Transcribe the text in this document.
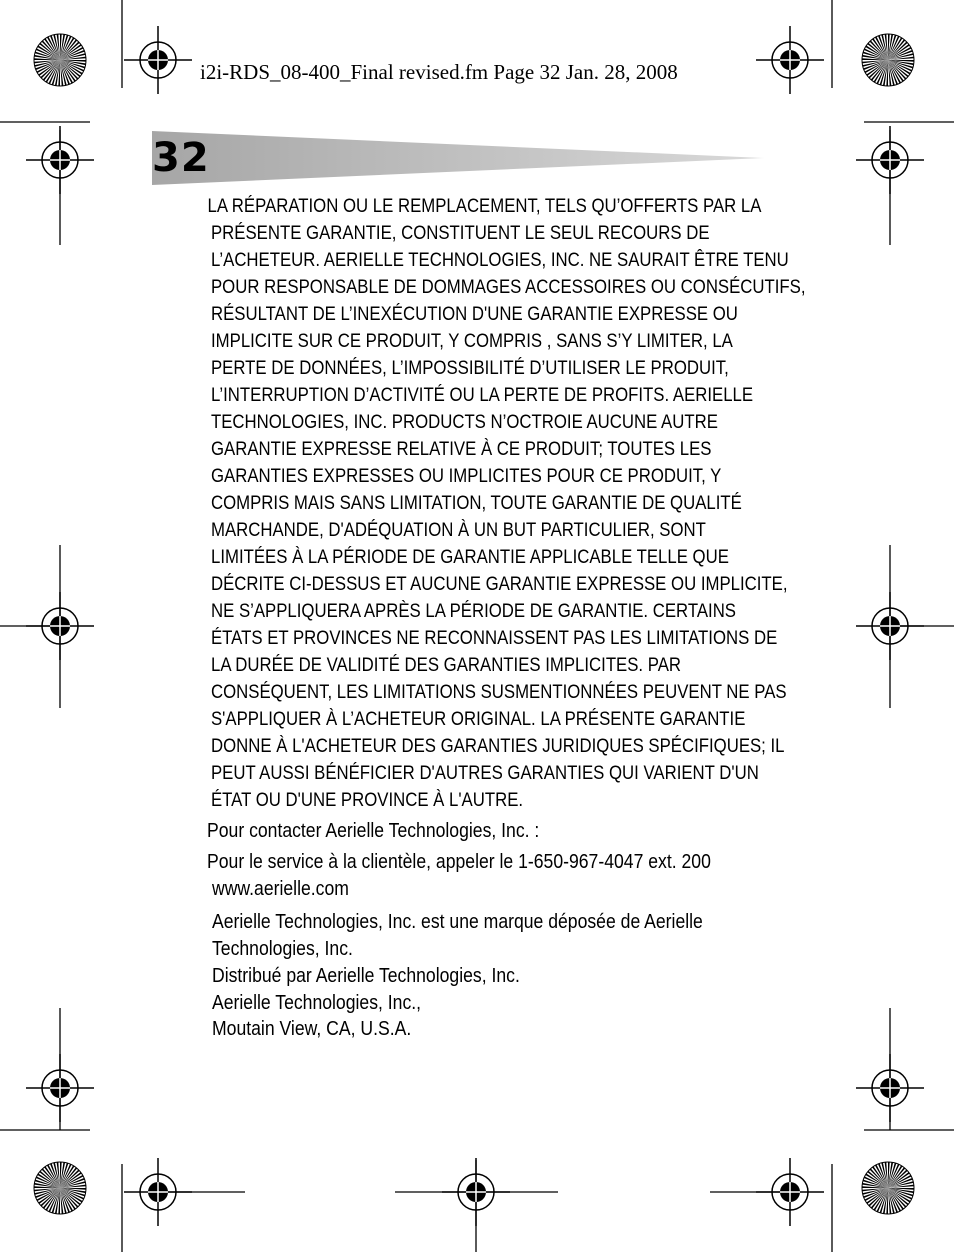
i2i-RDS_08-400_Final revised.fm Page 32 Jan. 28, 2008
32
LA RÉPARATION OU LE REMPLACEMENT, TELS QU’OFFERTS PAR LA
PRÉSENTE GARANTIE, CONSTITUENT LE SEUL RECOURS DE
L’ACHETEUR. AERIELLE TECHNOLOGIES, INC. NE SAURAIT ÊTRE TENU
POUR RESPONSABLE DE DOMMAGES ACCESSOIRES OU CONSÉCUTIFS,
RÉSULTANT DE L’INEXÉCUTION D'UNE GARANTIE EXPRESSE OU
IMPLICITE SUR CE PRODUIT, Y COMPRIS , SANS S’Y LIMITER, LA
PERTE DE DONNÉES, L’IMPOSSIBILITÉ D’UTILISER LE PRODUIT,
L’INTERRUPTION D’ACTIVITÉ OU LA PERTE DE PROFITS. AERIELLE
TECHNOLOGIES, INC. PRODUCTS N’OCTROIE AUCUNE AUTRE
GARANTIE EXPRESSE RELATIVE À CE PRODUIT; TOUTES LES
GARANTIES EXPRESSES OU IMPLICITES POUR CE PRODUIT, Y
COMPRIS MAIS SANS LIMITATION, TOUTE GARANTIE DE QUALITÉ
MARCHANDE, D'ADÉQUATION À UN BUT PARTICULIER, SONT
LIMITÉES À LA PÉRIODE DE GARANTIE APPLICABLE TELLE QUE
DÉCRITE CI-DESSUS ET AUCUNE GARANTIE EXPRESSE OU IMPLICITE,
NE S’APPLIQUERA APRÈS LA PÉRIODE DE GARANTIE. CERTAINS
ÉTATS ET PROVINCES NE RECONNAISSENT PAS LES LIMITATIONS DE
LA DURÉE DE VALIDITÉ DES GARANTIES IMPLICITES. PAR
CONSÉQUENT, LES LIMITATIONS SUSMENTIONNÉES PEUVENT NE PAS
S'APPLIQUER À L’ACHETEUR ORIGINAL. LA PRÉSENTE GARANTIE
DONNE À L'ACHETEUR DES GARANTIES JURIDIQUES SPÉCIFIQUES; IL
PEUT AUSSI BÉNÉFICIER D'AUTRES GARANTIES QUI VARIENT D'UN
ÉTAT OU D'UNE PROVINCE À L'AUTRE.
Pour contacter Aerielle Technologies, Inc. :
Pour le service à la clientèle, appeler le 1-650-967-4047 ext. 200
www.aerielle.com
Aerielle Technologies, Inc. est une marque déposée de Aerielle
Technologies, Inc.
Distribué par Aerielle Technologies, Inc.
Aerielle Technologies, Inc.,
Moutain View, CA, U.S.A.
